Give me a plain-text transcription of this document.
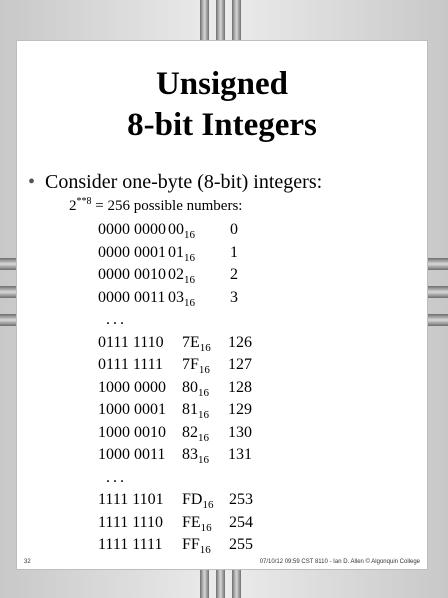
Unsigned
8-bit Integers
• Consider one-byte (8-bit) integers:
$2^{**8} = 256$ possible numbers:
0000 0000 $00_{16}$	0
0000 0001 $01_{16}$	1
0000 0010 $02_{16}$	2
0000 0011 $03_{16}$	3
...
0111 1110 $7E_{16}$	126
0111 1111 $7F_{16}$	127
1000 0000 $80_{16}$	128
1000 0001 $81_{16}$	129
1000 0010 $82_{16}$	130
1000 0011 $83_{16}$	131
...
1111 1101 $FD_{16}$ 253
1111 1110 $FE_{16}$	254
1111 1111 $FF_{16}$	255
32	07/10/12 09:59 CST 8110 - Ian D. Allen © Algonquin College
